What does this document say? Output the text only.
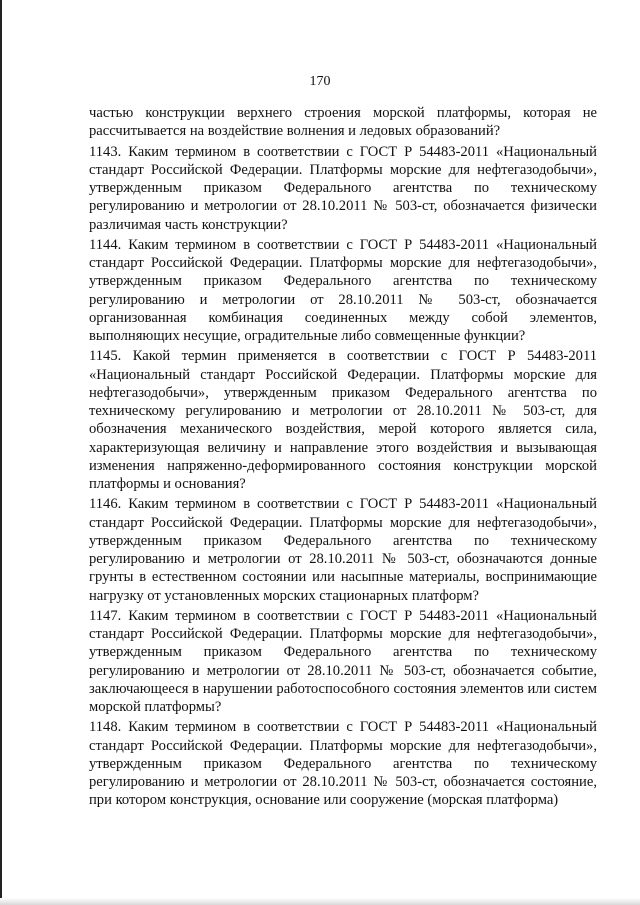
170

частью конструкции верхнего строения морской платформы, которая не рассчитывается на воздействие волнения и ледовых образований?

1143. Каким термином в соответствии с ГОСТ Р 54483-2011 «Национальный стандарт Российской Федерации. Платформы морские для нефтегазодобычи», утвержденным приказом Федерального агентства по техническому регулированию и метрологии от 28.10.2011 № 503-ст, обозначается физически различимая часть конструкции?

1144. Каким термином в соответствии с ГОСТ Р 54483-2011 «Национальный стандарт Российской Федерации. Платформы морские для нефтегазодобычи», утвержденным приказом Федерального агентства по техническому регулированию и метрологии от 28.10.2011 № 503-ст, обозначается организованная комбинация соединенных между собой элементов, выполняющих несущие, оградительные либо совмещенные функции?

1145. Какой термин применяется в соответствии с ГОСТ Р 54483-2011 «Национальный стандарт Российской Федерации. Платформы морские для нефтегазодобычи», утвержденным приказом Федерального агентства по техническому регулированию и метрологии от 28.10.2011 № 503-ст, для обозначения механического воздействия, мерой которого является сила, характеризующая величину и направление этого воздействия и вызывающая изменения напряженно-деформированного состояния конструкции морской платформы и основания?

1146. Каким термином в соответствии с ГОСТ Р 54483-2011 «Национальный стандарт Российской Федерации. Платформы морские для нефтегазодобычи», утвержденным приказом Федерального агентства по техническому регулированию и метрологии от 28.10.2011 № 503-ст, обозначаются донные грунты в естественном состоянии или насыпные материалы, воспринимающие нагрузку от установленных морских стационарных платформ?

1147. Каким термином в соответствии с ГОСТ Р 54483-2011 «Национальный стандарт Российской Федерации. Платформы морские для нефтегазодобычи», утвержденным приказом Федерального агентства по техническому регулированию и метрологии от 28.10.2011 № 503-ст, обозначается событие, заключающееся в нарушении работоспособного состояния элементов или систем морской платформы?

1148. Каким термином в соответствии с ГОСТ Р 54483-2011 «Национальный стандарт Российской Федерации. Платформы морские для нефтегазодобычи», утвержденным приказом Федерального агентства по техническому регулированию и метрологии от 28.10.2011 № 503-ст, обозначается состояние, при котором конструкция, основание или сооружение (морская платформа)
